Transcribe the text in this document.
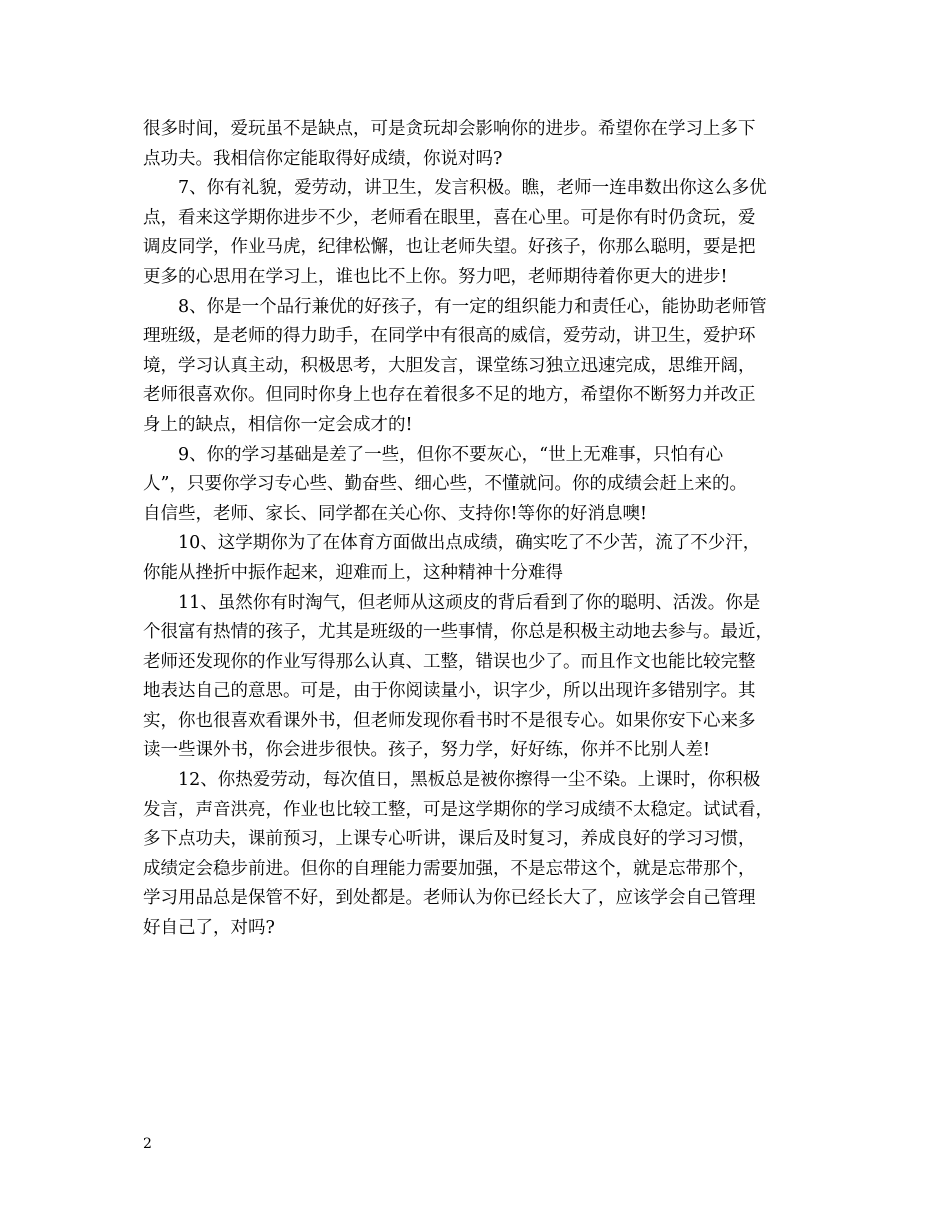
很多时间，爱玩虽不是缺点，可是贪玩却会影响你的进步。希望你在学习上多下
点功夫。我相信你定能取得好成绩，你说对吗?
7、你有礼貌，爱劳动，讲卫生，发言积极。瞧，老师一连串数出你这么多优
点，看来这学期你进步不少，老师看在眼里，喜在心里。可是你有时仍贪玩，爱
调皮同学，作业马虎，纪律松懈，也让老师失望。好孩子，你那么聪明，要是把
更多的心思用在学习上，谁也比不上你。努力吧，老师期待着你更大的进步!
8、你是一个品行兼优的好孩子，有一定的组织能力和责任心，能协助老师管
理班级，是老师的得力助手，在同学中有很高的威信，爱劳动，讲卫生，爱护环
境，学习认真主动，积极思考，大胆发言，课堂练习独立迅速完成，思维开阔，
老师很喜欢你。但同时你身上也存在着很多不足的地方，希望你不断努力并改正
身上的缺点，相信你一定会成才的!
9、你的学习基础是差了一些，但你不要灰心，“世上无难事，只怕有心
人”，只要你学习专心些、勤奋些、细心些，不懂就问。你的成绩会赶上来的。
自信些，老师、家长、同学都在关心你、支持你!等你的好消息噢!
10、这学期你为了在体育方面做出点成绩，确实吃了不少苦，流了不少汗，
你能从挫折中振作起来，迎难而上，这种精神十分难得
11、虽然你有时淘气，但老师从这顽皮的背后看到了你的聪明、活泼。你是
个很富有热情的孩子，尤其是班级的一些事情，你总是积极主动地去参与。最近，
老师还发现你的作业写得那么认真、工整，错误也少了。而且作文也能比较完整
地表达自己的意思。可是，由于你阅读量小，识字少，所以出现许多错别字。其
实，你也很喜欢看课外书，但老师发现你看书时不是很专心。如果你安下心来多
读一些课外书，你会进步很快。孩子，努力学，好好练，你并不比别人差!
12、你热爱劳动，每次值日，黑板总是被你擦得一尘不染。上课时，你积极
发言，声音洪亮，作业也比较工整，可是这学期你的学习成绩不太稳定。试试看，
多下点功夫，课前预习，上课专心听讲，课后及时复习，养成良好的学习习惯，
成绩定会稳步前进。但你的自理能力需要加强，不是忘带这个，就是忘带那个，
学习用品总是保管不好，到处都是。老师认为你已经长大了，应该学会自己管理
好自己了，对吗?
2
